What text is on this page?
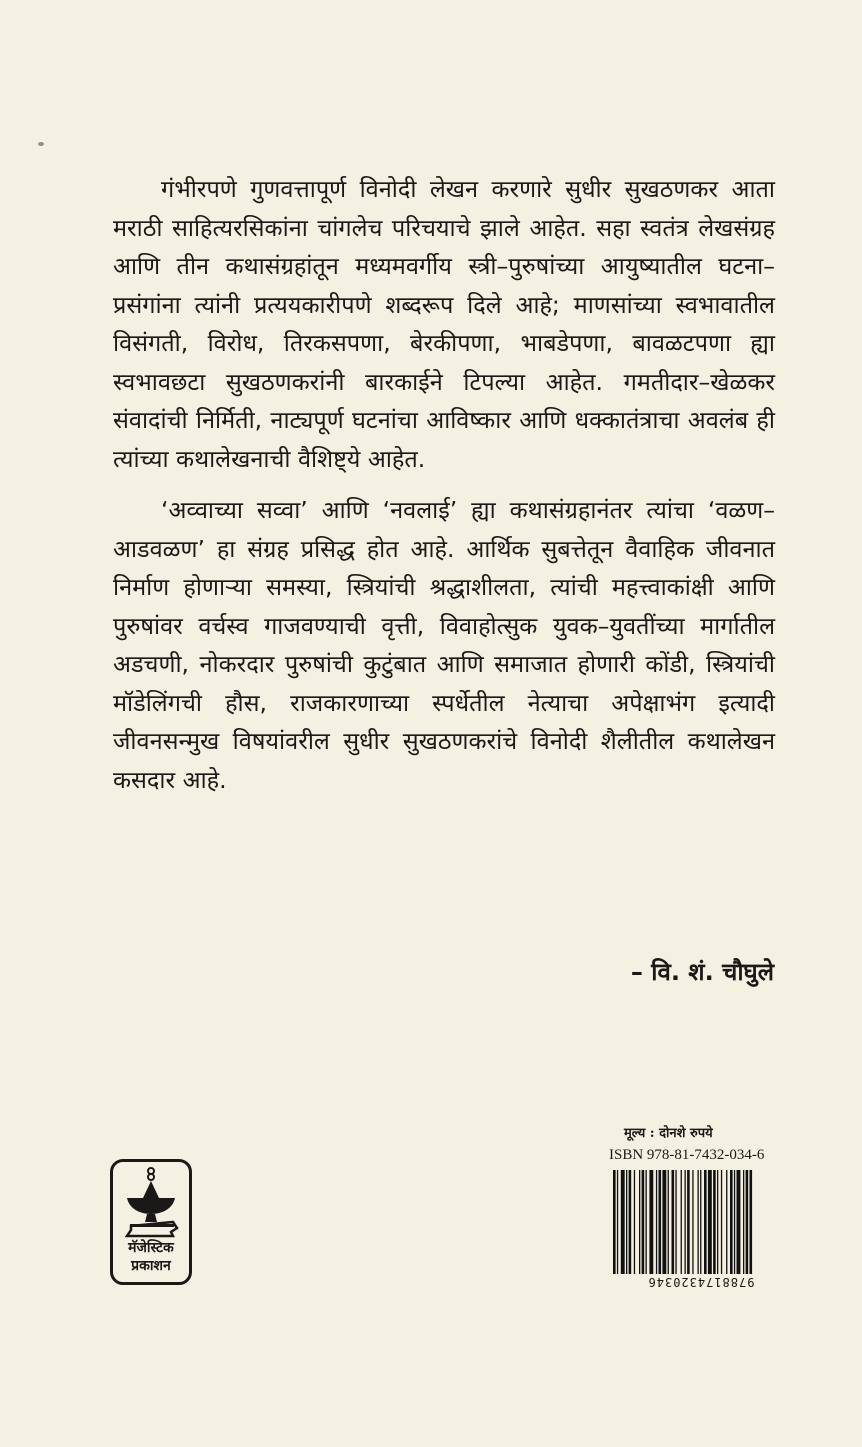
गंभीरपणे गुणवत्तापूर्ण विनोदी लेखन करणारे सुधीर सुखठणकर आता मराठी साहित्यरसिकांना चांगलेच परिचयाचे झाले आहेत. सहा स्वतंत्र लेखसंग्रह आणि तीन कथासंग्रहांतून मध्यमवर्गीय स्त्री–पुरुषांच्या आयुष्यातील घटना–प्रसंगांना त्यांनी प्रत्ययकारीपणे शब्दरूप दिले आहे; माणसांच्या स्वभावातील विसंगती, विरोध, तिरकसपणा, बेरकीपणा, भाबडेपणा, बावळटपणा ह्या स्वभावछटा सुखठणकरांनी बारकाईने टिपल्या आहेत. गमतीदार–खेळकर संवादांची निर्मिती, नाट्यपूर्ण घटनांचा आविष्कार आणि धक्कातंत्राचा अवलंब ही त्यांच्या कथालेखनाची वैशिष्ट्ये आहेत.

‘अव्वाच्या सव्वा’ आणि ‘नवलाई’ ह्या कथासंग्रहानंतर त्यांचा ‘वळण–आडवळण’ हा संग्रह प्रसिद्ध होत आहे. आर्थिक सुबत्तेतून वैवाहिक जीवनात निर्माण होणाऱ्या समस्या, स्त्रियांची श्रद्धाशीलता, त्यांची महत्त्वाकांक्षी आणि पुरुषांवर वर्चस्व गाजवण्याची वृत्ती, विवाहोत्सुक युवक–युवतींच्या मार्गातील अडचणी, नोकरदार पुरुषांची कुटुंबात आणि समाजात होणारी कोंडी, स्त्रियांची मॉडेलिंगची हौस, राजकारणाच्या स्पर्धेतील नेत्याचा अपेक्षाभंग इत्यादी जीवनसन्मुख विषयांवरील सुधीर सुखठणकरांचे विनोदी शैलीतील कथालेखन कसदार आहे.

– वि. शं. चौघुले
मॅजेस्टिक
प्रकाशन
मूल्य : दोनशे रुपये
ISBN 978-81-7432-034-6
9788174320346
